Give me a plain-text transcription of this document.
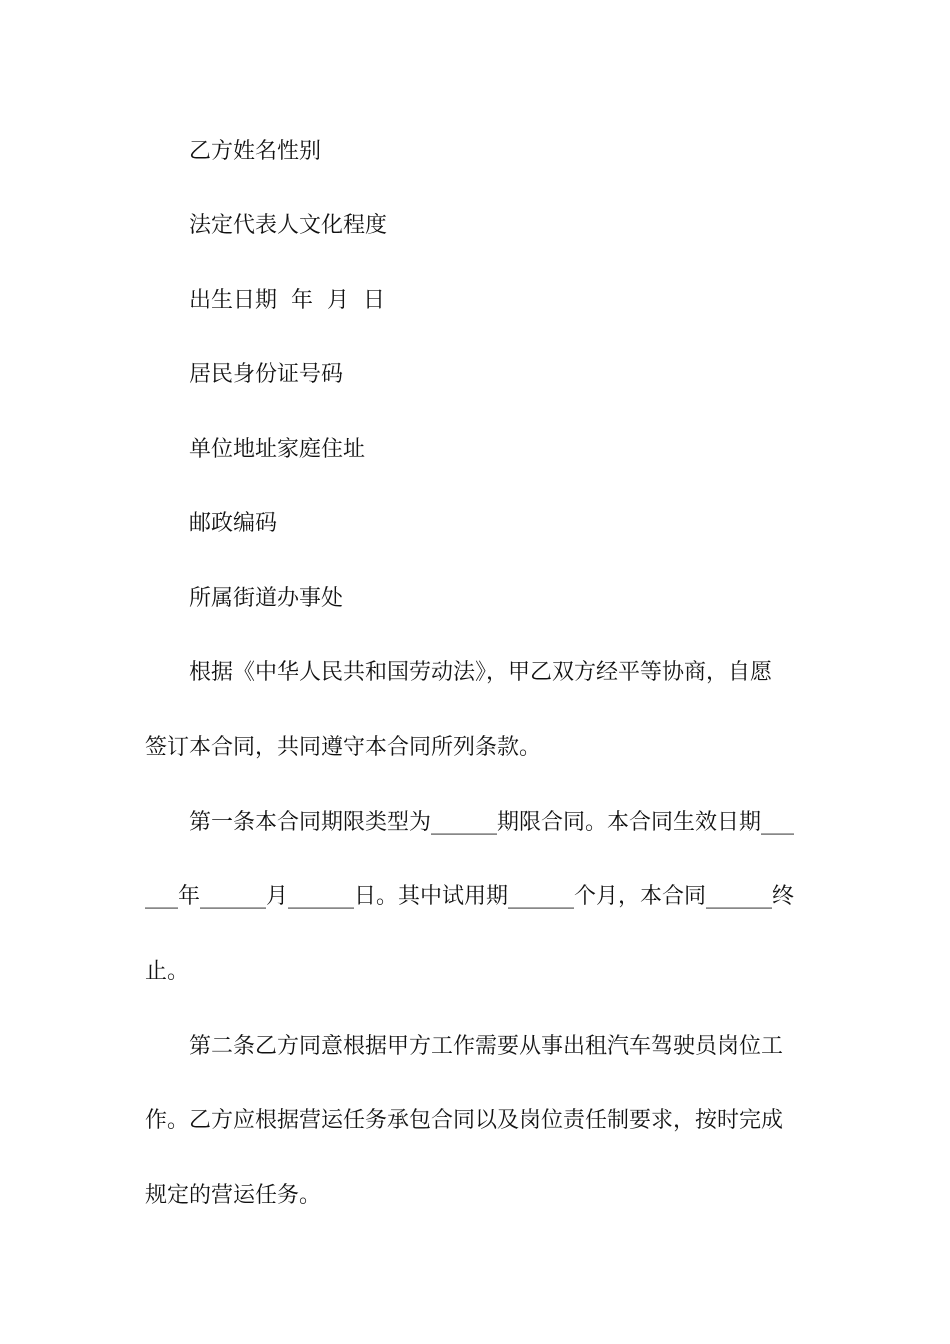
乙方姓名性别
法定代表人文化程度
出生日期  年  月  日
居民身份证号码
单位地址家庭住址
邮政编码
所属街道办事处
根据《中华人民共和国劳动法》，甲乙双方经平等协商，自愿
签订本合同，共同遵守本合同所列条款。
第一条本合同期限类型为______期限合同。本合同生效日期___
___年______月______日。其中试用期______个月，本合同______终
止。
第二条乙方同意根据甲方工作需要从事出租汽车驾驶员岗位工
作。乙方应根据营运任务承包合同以及岗位责任制要求，按时完成
规定的营运任务。
